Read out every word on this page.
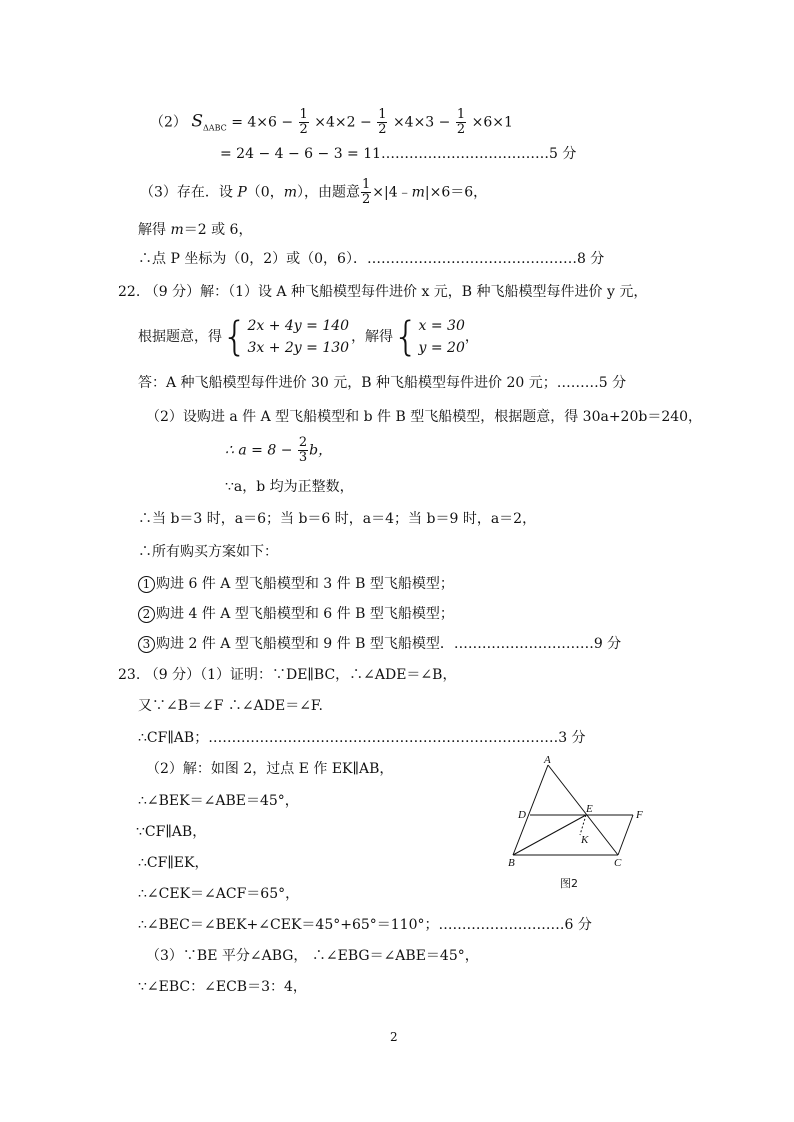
（2） $S_{\Delta ABC} = 4\times 6 - \frac{1}{2} \times 4\times 2 - \frac{1}{2} \times 4\times 3 - \frac{1}{2} \times 6\times 1$
= 24 − 4 − 6 − 3 = 11………………………………5 分
（3）存在．设 P（0，m），由题意 $\frac{1}{2}$ ×|4﹣m|×6＝6，
解得 m＝2 或 6，
∴点 P 坐标为（0，2）或（0，6）．………………………………………8 分
22. （9 分）解：（1）设 A 种飞船模型每件进价 x 元，B 种飞船模型每件进价 y 元，
根据题意，得 { 2x + 4y = 140
3x + 2y = 130
，解得 { x = 30
y = 20
，
答：A 种飞船模型每件进价 30 元，B 种飞船模型每件进价 20 元；………5 分
（2）设购进 a 件 A 型飞船模型和 b 件 B 型飞船模型，根据题意，得 30a+20b＝240，
∴ $a = 8 - \frac{2}{3}$ b，
∵a，b 均为正整数，
∴当 b＝3 时，a＝6；当 b＝6 时，a＝4；当 b＝9 时，a＝2，
∴所有购买方案如下：
1 购进 6 件 A 型飞船模型和 3 件 B 型飞船模型；
2 购进 4 件 A 型飞船模型和 6 件 B 型飞船模型；
3 购进 2 件 A 型飞船模型和 9 件 B 型飞船模型．…………………………9 分
23. （9 分）（1）证明：∵DE∥BC，∴∠ADE＝∠B，
又∵∠B＝∠F ∴∠ADE＝∠F.
∴CF∥AB；…………………………………………………………………3 分
（2）解：如图 2，过点 E 作 EK∥AB，
∴∠BEK＝∠ABE＝45°，
∵CF∥AB，
∴CF∥EK，
∴∠CEK＝∠ACF＝65°，
∴∠BEC＝∠BEK+∠CEK＝45°+65°＝110°；………………………6 分
（3）∵BE 平分∠ABG， ∴∠EBG＝∠ABE＝45°，
∵∠EBC：∠ECB＝3：4，
A
D	E	F
K
B	C
图2
2
